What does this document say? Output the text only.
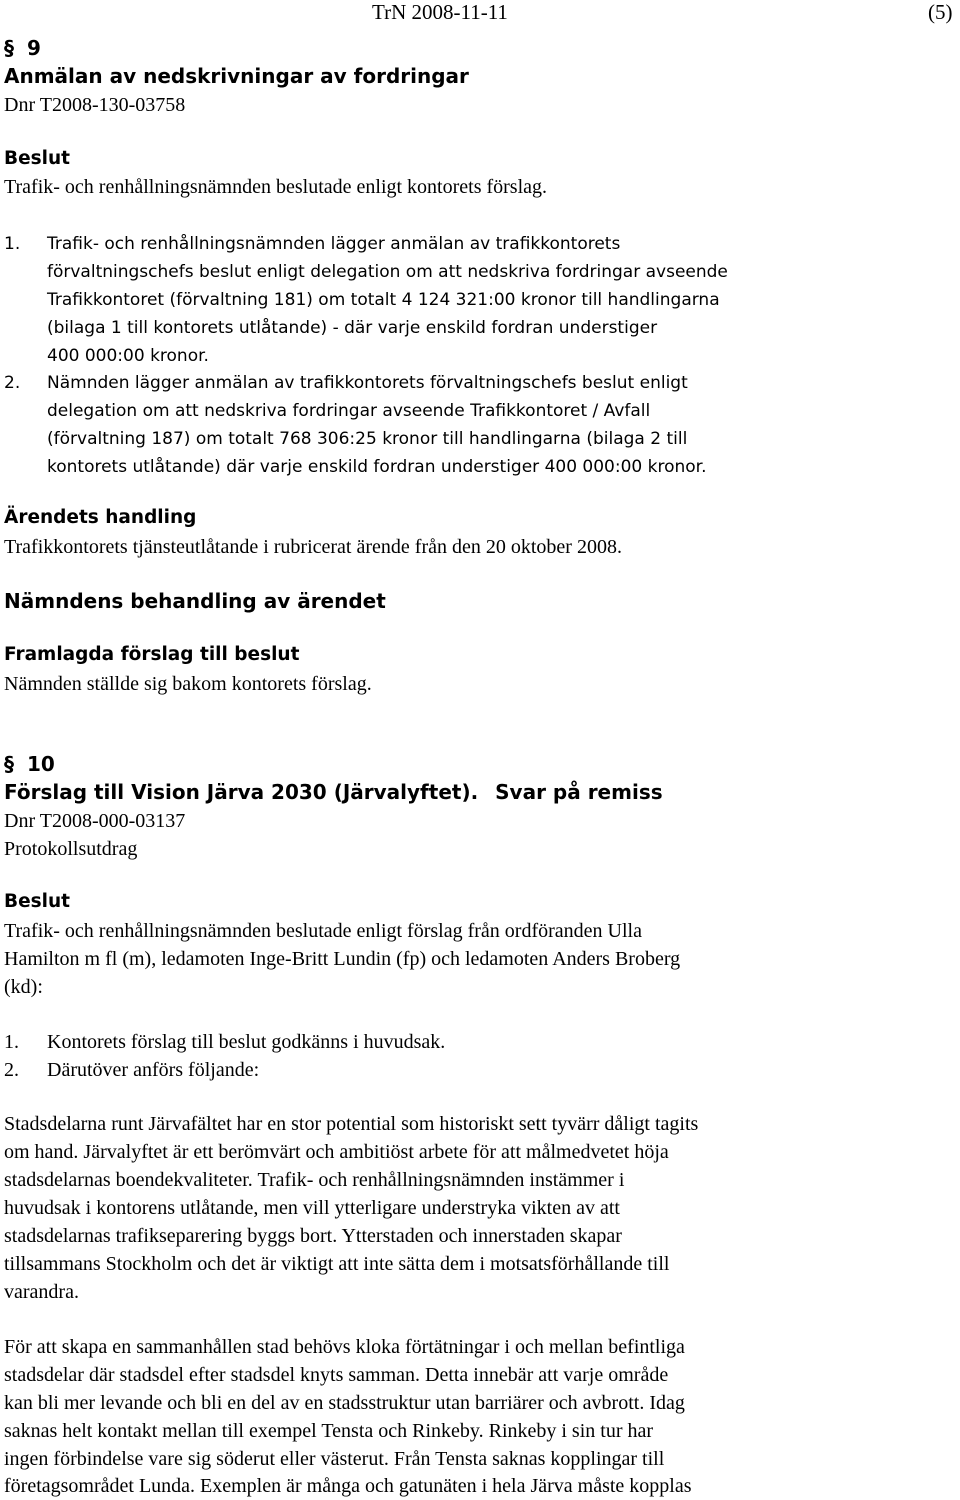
TrN 2008-11-11	(5)
§ 9
Anmälan av nedskrivningar av fordringar
Dnr T2008-130-03758
Beslut
Trafik- och renhållningsnämnden beslutade enligt kontorets förslag.
1. Trafik- och renhållningsnämnden lägger anmälan av trafikkontorets
förvaltningschefs beslut enligt delegation om att nedskriva fordringar avseende
Trafikkontoret (förvaltning 181) om totalt 4 124 321:00 kronor till handlingarna
(bilaga 1 till kontorets utlåtande) - där varje enskild fordran understiger
400 000:00 kronor.
2. Nämnden lägger anmälan av trafikkontorets förvaltningschefs beslut enligt
delegation om att nedskriva fordringar avseende Trafikkontoret / Avfall
(förvaltning 187) om totalt 768 306:25 kronor till handlingarna (bilaga 2 till
kontorets utlåtande) där varje enskild fordran understiger 400 000:00 kronor.
Ärendets handling
Trafikkontorets tjänsteutlåtande i rubricerat ärende från den 20 oktober 2008.
Nämndens behandling av ärendet
Framlagda förslag till beslut
Nämnden ställde sig bakom kontorets förslag.
§ 10
Förslag till Vision Järva 2030 (Järvalyftet). Svar på remiss
Dnr T2008-000-03137
Protokollsutdrag
Beslut
Trafik- och renhållningsnämnden beslutade enligt förslag från ordföranden Ulla
Hamilton m fl (m), ledamoten Inge-Britt Lundin (fp) och ledamoten Anders Broberg
(kd):
1. Kontorets förslag till beslut godkänns i huvudsak.
2. Därutöver anförs följande:
Stadsdelarna runt Järvafältet har en stor potential som historiskt sett tyvärr dåligt tagits
om hand. Järvalyftet är ett berömvärt och ambitiöst arbete för att målmedvetet höja
stadsdelarnas boendekvaliteter. Trafik- och renhållningsnämnden instämmer i
huvudsak i kontorens utlåtande, men vill ytterligare understryka vikten av att
stadsdelarnas trafikseparering byggs bort. Ytterstaden och innerstaden skapar
tillsammans Stockholm och det är viktigt att inte sätta dem i motsatsförhållande till
varandra.
För att skapa en sammanhållen stad behövs kloka förtätningar i och mellan befintliga
stadsdelar där stadsdel efter stadsdel knyts samman. Detta innebär att varje område
kan bli mer levande och bli en del av en stadsstruktur utan barriärer och avbrott. Idag
saknas helt kontakt mellan till exempel Tensta och Rinkeby. Rinkeby i sin tur har
ingen förbindelse vare sig söderut eller västerut. Från Tensta saknas kopplingar till
företagsområdet Lunda. Exemplen är många och gatunäten i hela Järva måste kopplas
